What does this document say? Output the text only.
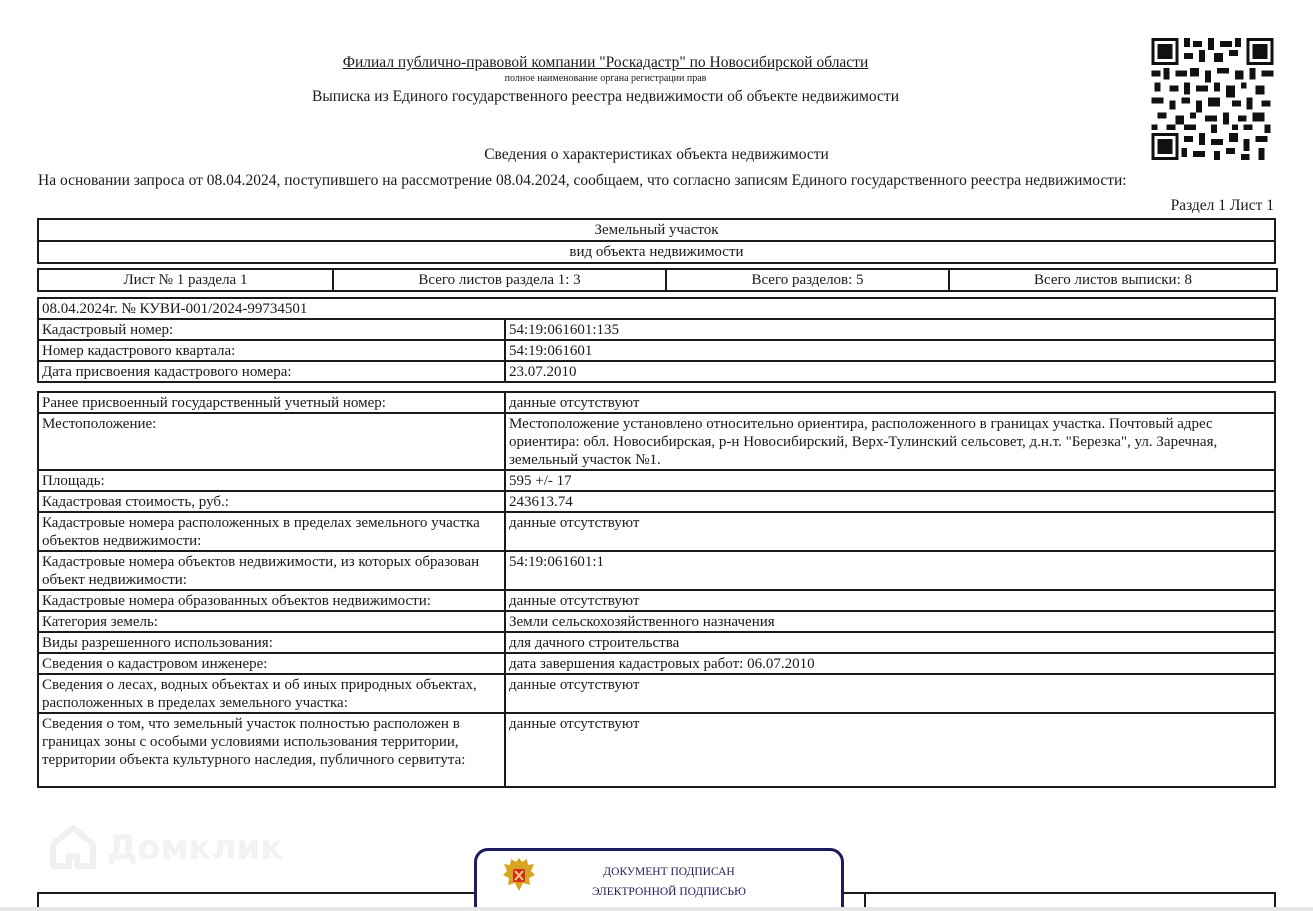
Филиал публично-правовой компании "Роскадастр" по Новосибирской области
полное наименование органа регистрации прав
Выписка из Единого государственного реестра недвижимости об объекте недвижимости
Сведения о характеристиках объекта недвижимости
На основании запроса от 08.04.2024, поступившего на рассмотрение 08.04.2024, сообщаем, что согласно записям Единого государственного реестра недвижимости:
Раздел 1 Лист 1
Земельный участок
вид объекта недвижимости
Лист № 1 раздела 1	Всего листов раздела 1: 3	Всего разделов: 5	Всего листов выписки: 8
08.04.2024г. № КУВИ-001/2024-99734501	
Кадастровый номер:	54:19:061601:135
Номер кадастрового квартала:	54:19:061601
Дата присвоения кадастрового номера:	23.07.2010
Ранее присвоенный государственный учетный номер:	данные отсутствуют
Местоположение:	Местоположение установлено относительно ориентира, расположенного в границах участка. Почтовый адрес ориентира: обл. Новосибирская, р-н Новосибирский, Верх-Тулинский сельсовет, д.н.т. "Березка", ул. Заречная, земельный участок №1.
Площадь:	595 +/- 17
Кадастровая стоимость, руб.:	243613.74
Кадастровые номера расположенных в пределах земельного участка объектов недвижимости:	данные отсутствуют
Кадастровые номера объектов недвижимости, из которых образован объект недвижимости:	54:19:061601:1
Кадастровые номера образованных объектов недвижимости:	данные отсутствуют
Категория земель:	Земли сельскохозяйственного назначения
Виды разрешенного использования:	для дачного строительства
Сведения о кадастровом инженере:	дата завершения кадастровых работ: 06.07.2010
Сведения о лесах, водных объектах и об иных природных объектах, расположенных в пределах земельного участка:	данные отсутствуют
Сведения о том, что земельный участок полностью расположен в границах зоны с особыми условиями использования территории, территории объекта культурного наследия, публичного сервитута:	данные отсутствуют
Домклик
ДОКУМЕНТ ПОДПИСАН
ЭЛЕКТРОННОЙ ПОДПИСЬЮ
